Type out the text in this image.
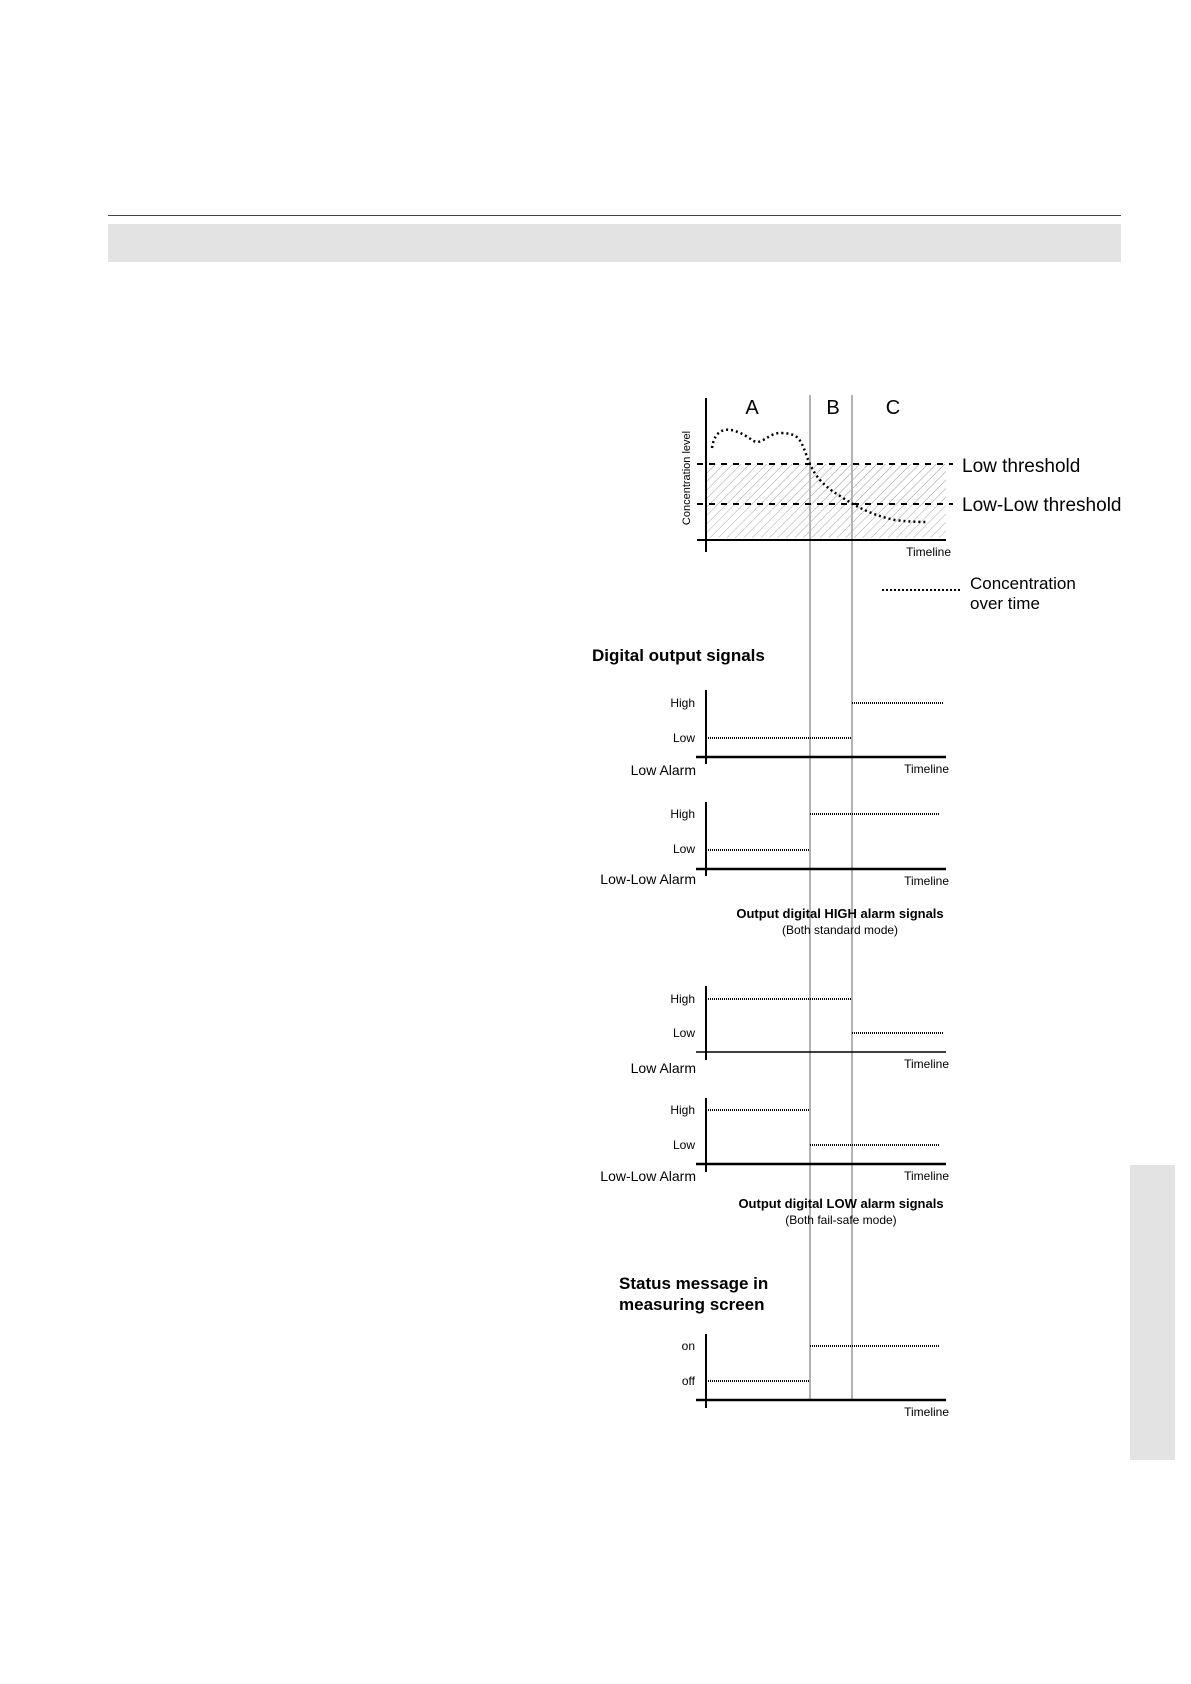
A	B C
Concentration level
Timeline
Low threshold
Low-Low threshold
Concentration
over time
Digital output signals
High
Low
Low Alarm	Timeline
High
Low
Low-Low Alarm	Timeline
Output digital HIGH alarm signals
(Both standard mode)
High
Low
Low Alarm	Timeline
High
Low
Low-Low Alarm	Timeline
Output digital LOW alarm signals
(Both fail-safe mode)
Status message in
measuring screen
on
off
Timeline
